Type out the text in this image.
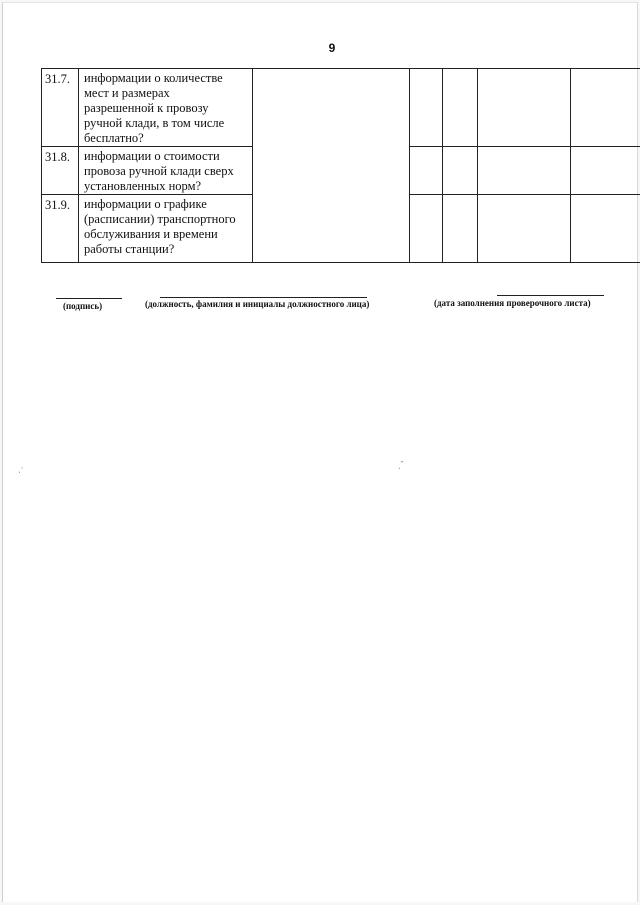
9
31.7.	информации о количестве
мест и размерах
разрешенной к провозу
ручной клади, в том числе
бесплатно?					

31.8.	информации о стоимости
провоза ручной клади сверх
установленных норм?					

31.9.	информации о графике
(расписании) транспортного
обслуживания и времени
работы станции?					

(подпись)	(должность, фамилия и инициалы должностного лица)	(дата заполнения проверочного листа)
ˎ·	ˎ˝
